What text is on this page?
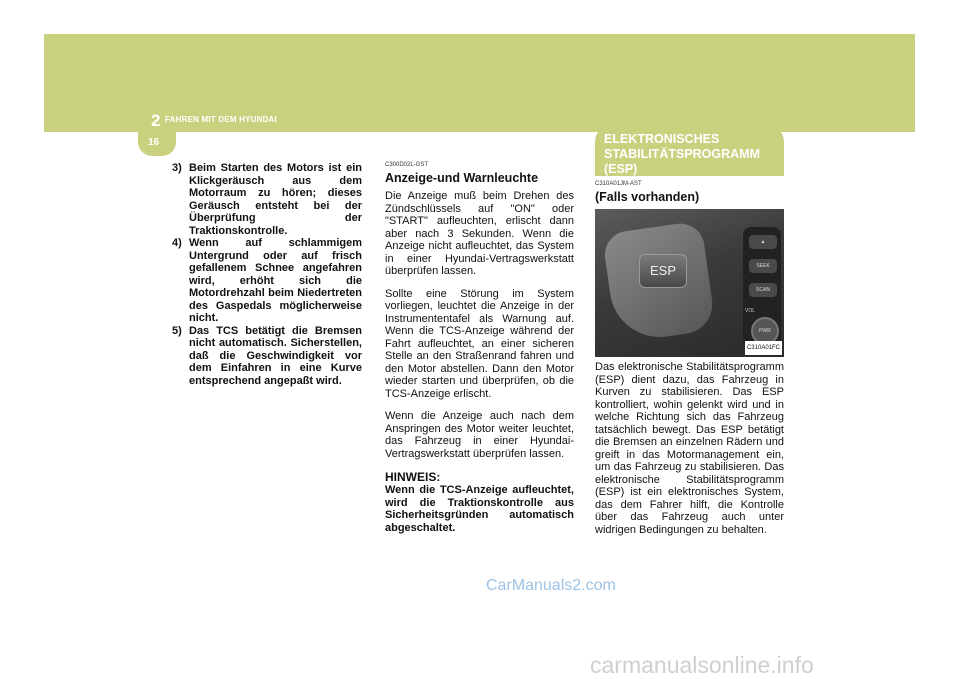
2 FAHREN MIT DEM HYUNDAI
16	ELEKTRONISCHES
STABILITÄTSPROGRAMM
(ESP)
3) Beim Starten des Motors ist ein Klickgeräusch aus dem Motorraum zu hören; dieses Geräusch entsteht bei der Überprüfung der Traktionskontrolle.
4) Wenn auf schlammigem Untergrund oder auf frisch gefallenem Schnee angefahren wird, erhöht sich die Motordrehzahl beim Niedertreten des Gaspedals möglicherweise nicht.
5) Das TCS betätigt die Bremsen nicht automatisch. Sicherstellen, daß die Geschwindigkeit vor dem Einfahren in eine Kurve entsprechend angepaßt wird.
C300D02L-GST
Anzeige-und Warnleuchte

Die Anzeige muß beim Drehen des Zündschlüssels auf "ON" oder "START" aufleuchten, erlischt dann aber nach 3 Sekunden. Wenn die Anzeige nicht aufleuchtet, das System in einer Hyundai-Vertragswerkstatt überprüfen lassen.

Sollte eine Störung im System vorliegen, leuchtet die Anzeige in der Instrumententafel als Warnung auf. Wenn die TCS-Anzeige während der Fahrt aufleuchtet, an einer sicheren Stelle an den Straßenrand fahren und den Motor abstellen. Dann den Motor wieder starten und überprüfen, ob die TCS-Anzeige erlischt.

Wenn die Anzeige auch nach dem Anspringen des Motor weiter leuchtet, das Fahrzeug in einer Hyundai-Vertragswerkstatt überprüfen lassen.

HINWEIS:
Wenn die TCS-Anzeige aufleuchtet, wird die Traktionskontrolle aus Sicherheitsgründen automatisch abgeschaltet.
C310A01JM-AST
(Falls vorhanden)
ESP
▲
SEEK
SCAN
VOL
PWR
C310A01FC

Das elektronische Stabilitätsprogramm (ESP) dient dazu, das Fahrzeug in Kurven zu stabilisieren. Das ESP kontrolliert, wohin gelenkt wird und in welche Richtung sich das Fahrzeug tatsächlich bewegt. Das ESP betätigt die Bremsen an einzelnen Rädern und greift in das Motormanagement ein, um das Fahrzeug zu stabilisieren. Das elektronische Stabilitätsprogramm (ESP) ist ein elektronisches System, das dem Fahrer hilft, die Kontrolle über das Fahrzeug auch unter widrigen Bedingungen zu behalten.

CarManuals2.com
carmanualsonline.info
